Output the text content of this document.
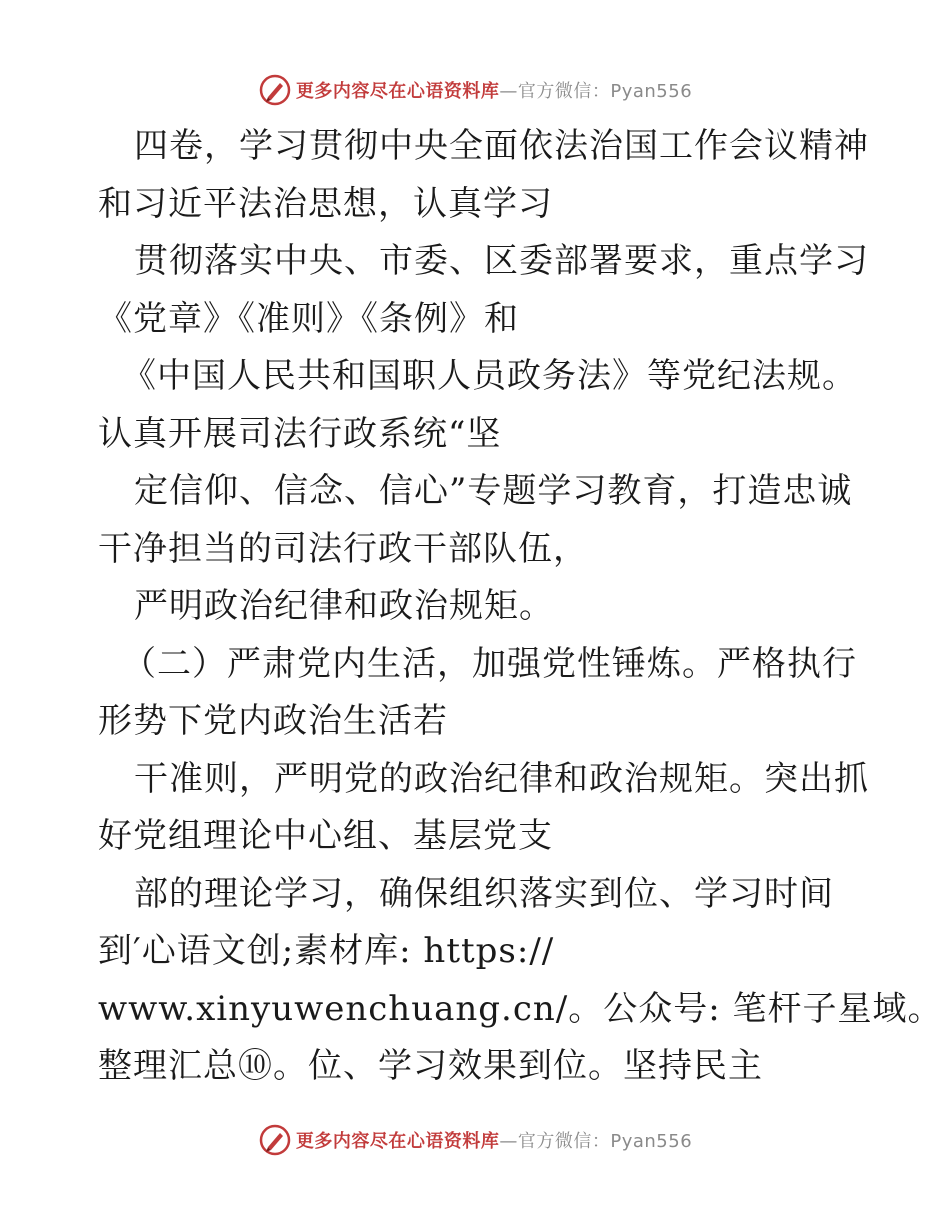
更多内容尽在心语资料库—官方微信：Pyan556
四卷，学习贯彻中央全面依法治国工作会议精神
和习近平法治思想，认真学习
贯彻落实中央、市委、区委部署要求，重点学习
《党章》《准则》《条例》和
《中国人民共和国职人员政务法》等党纪法规。
认真开展司法行政系统“坚
定信仰、信念、信心”专题学习教育，打造忠诚
干净担当的司法行政干部队伍，
严明政治纪律和政治规矩。
（二）严肃党内生活，加强党性锤炼。严格执行
形势下党内政治生活若
干准则，严明党的政治纪律和政治规矩。突出抓
好党组理论中心组、基层党支
部的理论学习，确保组织落实到位、学习时间
到′心语文创;素材库: https://
www.xinyuwenchuang.cn/。公众号: 笔杆子星域。
整理汇总⑩。位、学习效果到位。坚持民主
更多内容尽在心语资料库—官方微信：Pyan556
